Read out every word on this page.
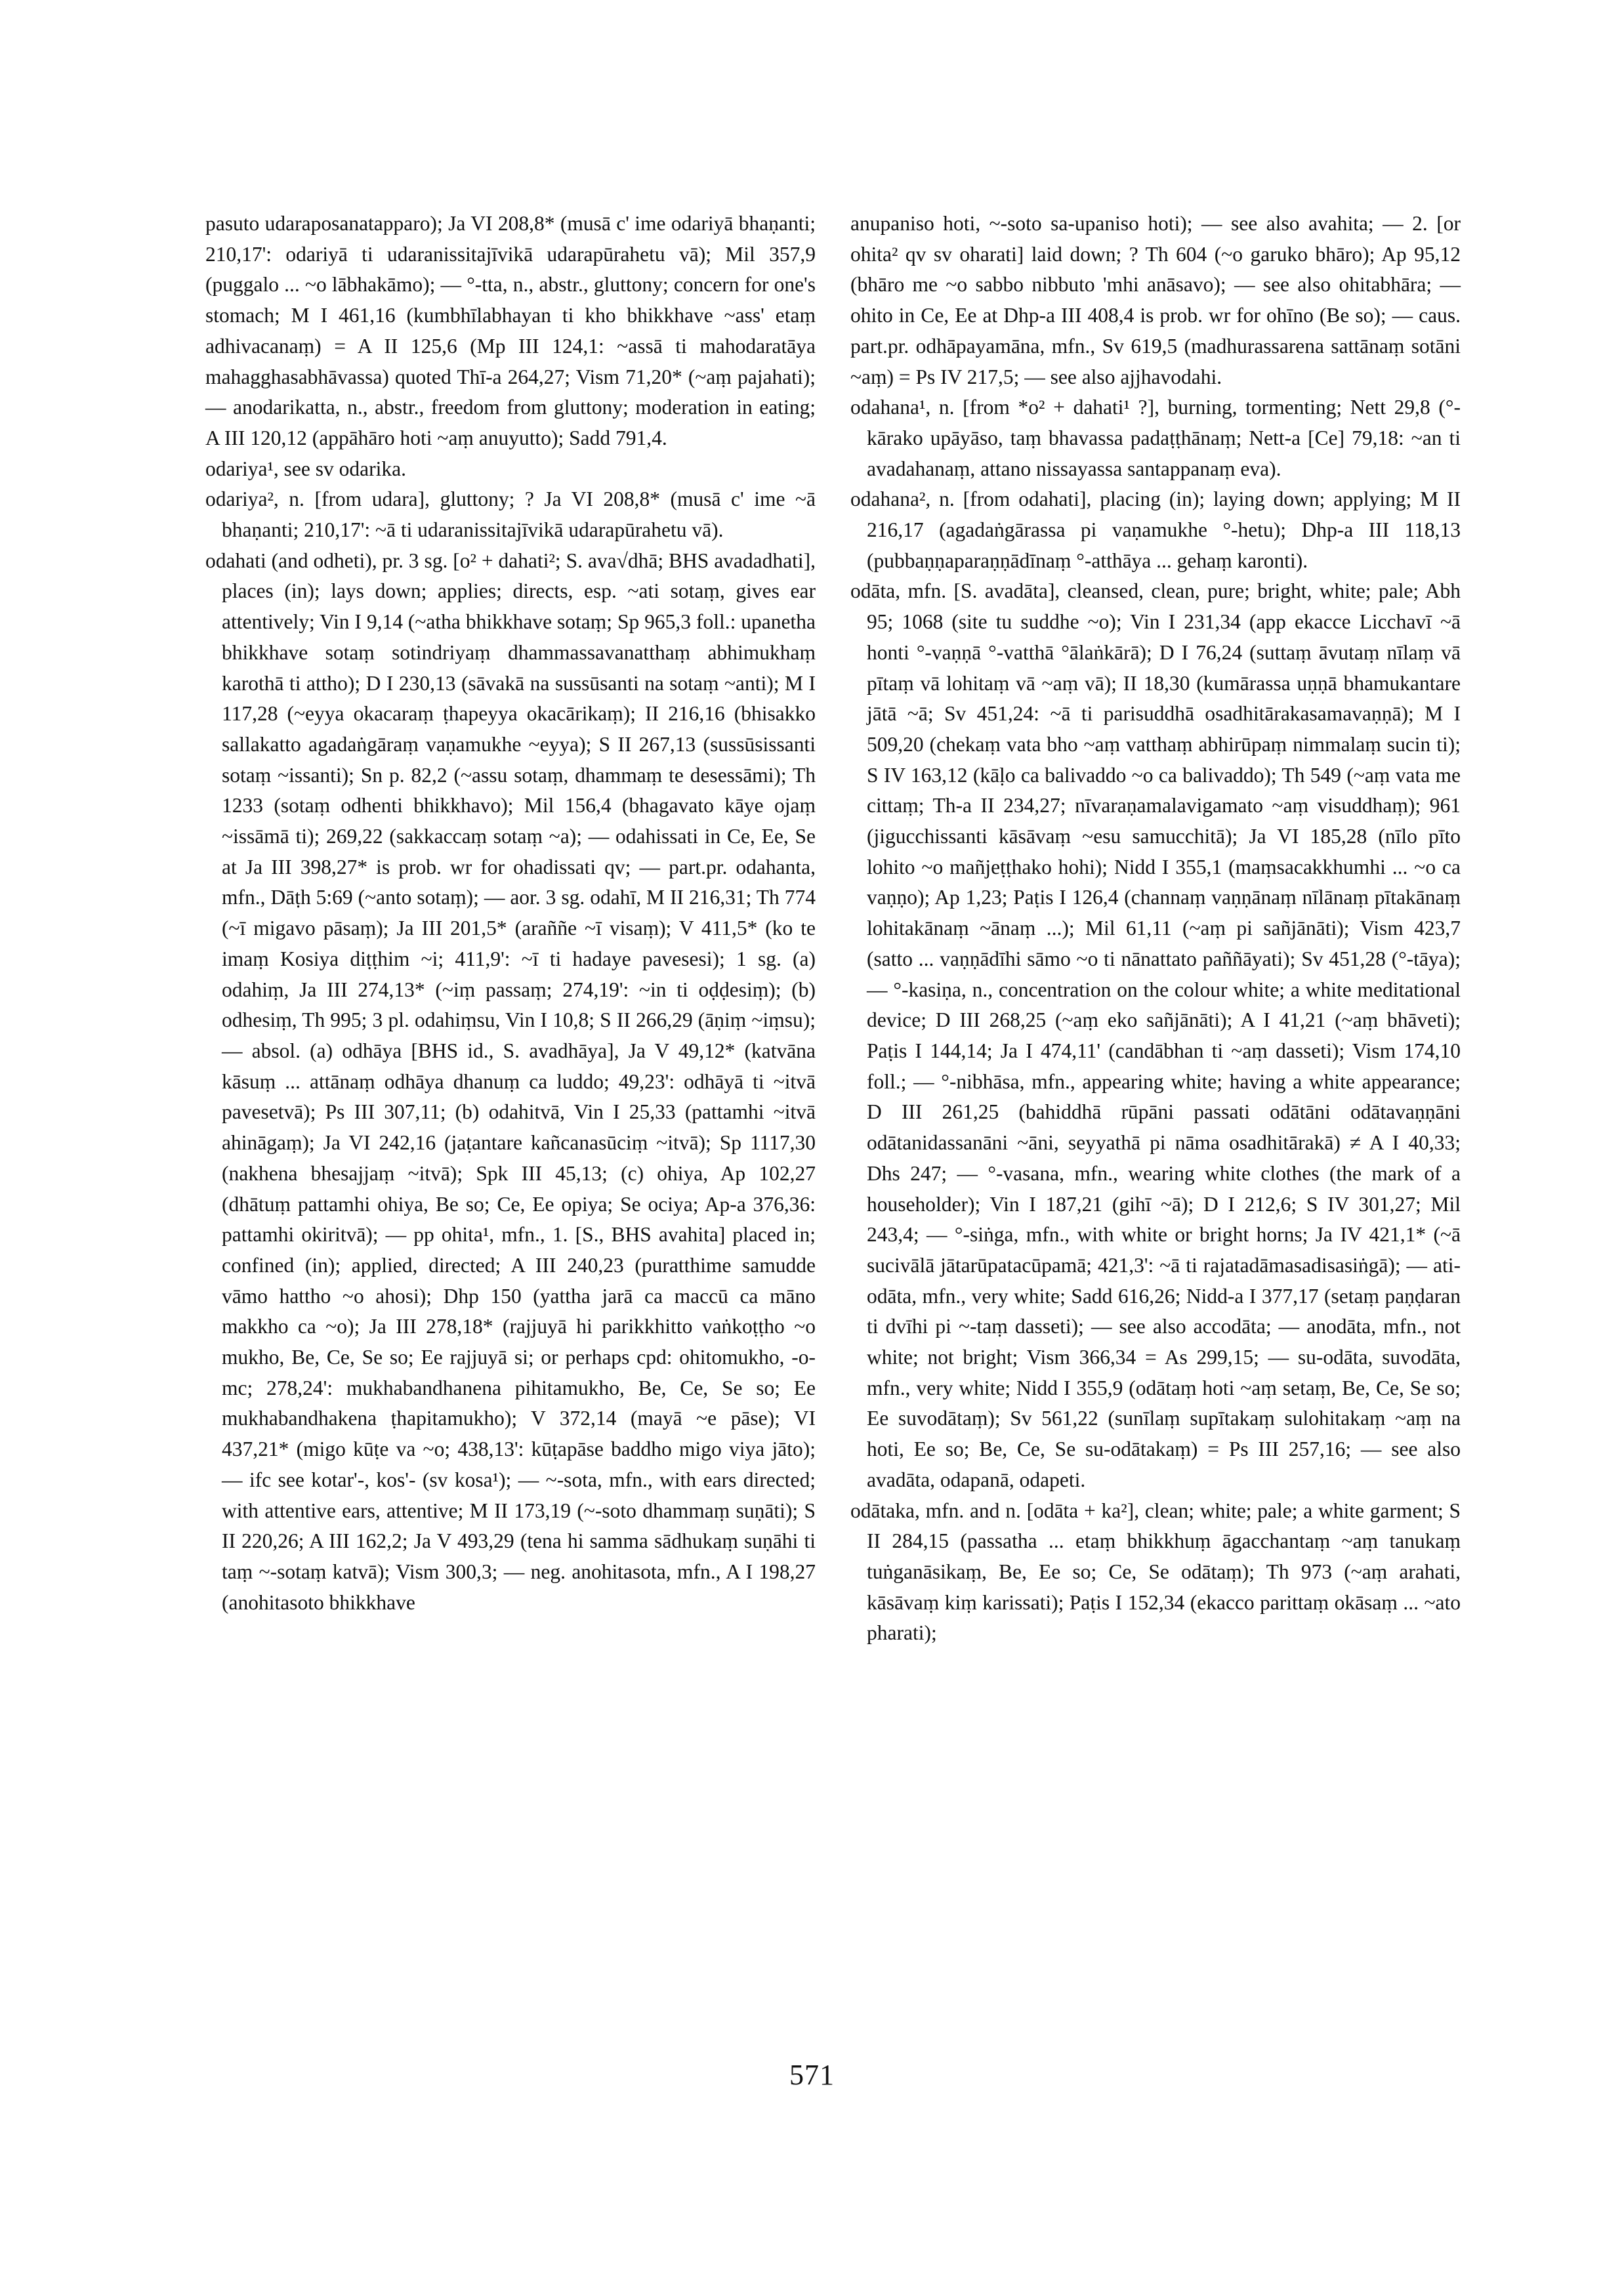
pasuto udaraposanatapparo); Ja VI 208,8* (musā c' ime odariyā bhaṇanti; 210,17': odariyā ti udaranissitajīvikā udarapūrahetu vā); Mil 357,9 (puggalo ... ~o lābhakāmo); — °-tta, n., abstr., gluttony; concern for one's stomach; M I 461,16 (kumbhīlabhayan ti kho bhikkhave ~ass' etaṃ adhivacanaṃ) = A II 125,6 (Mp III 124,1: ~assā ti mahodaratāya mahagghasabhāvassa) quoted Thī-a 264,27; Vism 71,20* (~aṃ pajahati); — anodarikatta, n., abstr., freedom from gluttony; moderation in eating; A III 120,12 (appāhāro hoti ~aṃ anuyutto); Sadd 791,4.

odariya¹, see sv odarika.

odariya², n. [from udara], gluttony; ? Ja VI 208,8* (musā c' ime ~ā bhaṇanti; 210,17': ~ā ti udaranissitajīvikā udarapūrahetu vā).

odahati (and odheti), pr. 3 sg. [o² + dahati²; S. ava√dhā; BHS avadadhati], places (in); lays down; applies; directs, esp. ~ati sotaṃ, gives ear attentively; Vin I 9,14 (~atha bhikkhave sotaṃ; Sp 965,3 foll.: upanetha bhikkhave sotaṃ sotindriyaṃ dhammassavanatthaṃ abhimukhaṃ karothā ti attho); D I 230,13 (sāvakā na sussūsanti na sotaṃ ~anti); M I 117,28 (~eyya okacaraṃ ṭhapeyya okacārikaṃ); II 216,16 (bhisakko sallakatto agadaṅgāraṃ vaṇamukhe ~eyya); S II 267,13 (sussūsissanti sotaṃ ~issanti); Sn p. 82,2 (~assu sotaṃ, dhammaṃ te desessāmi); Th 1233 (sotaṃ odhenti bhikkhavo); Mil 156,4 (bhagavato kāye ojaṃ ~issāmā ti); 269,22 (sakkaccaṃ sotaṃ ~a); — odahissati in Ce, Ee, Se at Ja III 398,27* is prob. wr for ohadissati qv; — part.pr. odahanta, mfn., Dāṭh 5:69 (~anto sotaṃ); — aor. 3 sg. odahī, M II 216,31; Th 774 (~ī migavo pāsaṃ); Ja III 201,5* (araññe ~ī visaṃ); V 411,5* (ko te imaṃ Kosiya diṭṭhim ~i; 411,9': ~ī ti hadaye pavesesi); 1 sg. (a) odahiṃ, Ja III 274,13* (~iṃ passaṃ; 274,19': ~in ti oḍḍesiṃ); (b) odhesiṃ, Th 995; 3 pl. odahiṃsu, Vin I 10,8; S II 266,29 (āṇiṃ ~iṃsu); — absol. (a) odhāya [BHS id., S. avadhāya], Ja V 49,12* (katvāna kāsuṃ ... attānaṃ odhāya dhanuṃ ca luddo; 49,23': odhāyā ti ~itvā pavesetvā); Ps III 307,11; (b) odahitvā, Vin I 25,33 (pattamhi ~itvā ahināgaṃ); Ja VI 242,16 (jaṭantare kañcanasūciṃ ~itvā); Sp 1117,30 (nakhena bhesajjaṃ ~itvā); Spk III 45,13; (c) ohiya, Ap 102,27 (dhātuṃ pattamhi ohiya, Be so; Ce, Ee opiya; Se ociya; Ap-a 376,36: pattamhi okiritvā); — pp ohita¹, mfn., 1. [S., BHS avahita] placed in; confined (in); applied, directed; A III 240,23 (puratthime samudde vāmo hattho ~o ahosi); Dhp 150 (yattha jarā ca maccū ca māno makkho ca ~o); Ja III 278,18* (rajjuyā hi parikkhitto vaṅkoṭṭho ~o mukho, Be, Ce, Se so; Ee rajjuyā si; or perhaps cpd: ohitomukho, -o-mc; 278,24': mukhabandhanena pihitamukho, Be, Ce, Se so; Ee mukhabandhakena ṭhapitamukho); V 372,14 (mayā ~e pāse); VI 437,21* (migo kūṭe va ~o; 438,13': kūṭapāse baddho migo viya jāto); — ifc see kotar'-, kos'- (sv kosa¹); — ~-sota, mfn., with ears directed; with attentive ears, attentive; M II 173,19 (~-soto dhammaṃ suṇāti); S II 220,26; A III 162,2; Ja V 493,29 (tena hi samma sādhukaṃ suṇāhi ti taṃ ~-sotaṃ katvā); Vism 300,3; — neg. anohitasota, mfn., A I 198,27 (anohitasoto bhikkhave

anupaniso hoti, ~-soto sa-upaniso hoti); — see also avahita; — 2. [or ohita² qv sv oharati] laid down; ? Th 604 (~o garuko bhāro); Ap 95,12 (bhāro me ~o sabbo nibbuto 'mhi anāsavo); — see also ohitabhāra; — ohito in Ce, Ee at Dhp-a III 408,4 is prob. wr for ohīno (Be so); — caus. part.pr. odhāpayamāna, mfn., Sv 619,5 (madhurassarena sattānaṃ sotāni ~aṃ) = Ps IV 217,5; — see also ajjhavodahi.

odahana¹, n. [from *o² + dahati¹ ?], burning, tormenting; Nett 29,8 (°-kārako upāyāso, taṃ bhavassa padaṭṭhānaṃ; Nett-a [Ce] 79,18: ~an ti avadahanaṃ, attano nissayassa santappanaṃ eva).

odahana², n. [from odahati], placing (in); laying down; applying; M II 216,17 (agadaṅgārassa pi vaṇamukhe °-hetu); Dhp-a III 118,13 (pubbaṇṇaparaṇṇādīnaṃ °-atthāya ... gehaṃ karonti).

odāta, mfn. [S. avadāta], cleansed, clean, pure; bright, white; pale; Abh 95; 1068 (site tu suddhe ~o); Vin I 231,34 (app ekacce Licchavī ~ā honti °-vaṇṇā °-vatthā °ālaṅkārā); D I 76,24 (suttaṃ āvutaṃ nīlaṃ vā pītaṃ vā lohitaṃ vā ~aṃ vā); II 18,30 (kumārassa uṇṇā bhamukantare jātā ~ā; Sv 451,24: ~ā ti parisuddhā osadhitārakasamavaṇṇā); M I 509,20 (chekaṃ vata bho ~aṃ vatthaṃ abhirūpaṃ nimmalaṃ sucin ti); S IV 163,12 (kāḷo ca balivaddo ~o ca balivaddo); Th 549 (~aṃ vata me cittaṃ; Th-a II 234,27; nīvaraṇamalavigamato ~aṃ visuddhaṃ); 961 (jigucchissanti kāsāvaṃ ~esu samucchitā); Ja VI 185,28 (nīlo pīto lohito ~o mañjeṭṭhako hohi); Nidd I 355,1 (maṃsacakkhumhi ... ~o ca vaṇṇo); Ap 1,23; Paṭis I 126,4 (channaṃ vaṇṇānaṃ nīlānaṃ pītakānaṃ lohitakānaṃ ~ānaṃ ...); Mil 61,11 (~aṃ pi sañjānāti); Vism 423,7 (satto ... vaṇṇādīhi sāmo ~o ti nānattato paññāyati); Sv 451,28 (°-tāya); — °-kasiṇa, n., concentration on the colour white; a white meditational device; D III 268,25 (~aṃ eko sañjānāti); A I 41,21 (~aṃ bhāveti); Paṭis I 144,14; Ja I 474,11' (candābhan ti ~aṃ dasseti); Vism 174,10 foll.; — °-nibhāsa, mfn., appearing white; having a white appearance; D III 261,25 (bahiddhā rūpāni passati odātāni odātavaṇṇāni odātanidassanāni ~āni, seyyathā pi nāma osadhitārakā) ≠ A I 40,33; Dhs 247; — °-vasana, mfn., wearing white clothes (the mark of a householder); Vin I 187,21 (gihī ~ā); D I 212,6; S IV 301,27; Mil 243,4; — °-siṅga, mfn., with white or bright horns; Ja IV 421,1* (~ā sucivālā jātarūpatacūpamā; 421,3': ~ā ti rajatadāmasadisasiṅgā); — ati-odāta, mfn., very white; Sadd 616,26; Nidd-a I 377,17 (setaṃ paṇḍaran ti dvīhi pi ~-taṃ dasseti); — see also accodāta; — anodāta, mfn., not white; not bright; Vism 366,34 = As 299,15; — su-odāta, suvodāta, mfn., very white; Nidd I 355,9 (odātaṃ hoti ~aṃ setaṃ, Be, Ce, Se so; Ee suvodātaṃ); Sv 561,22 (sunīlaṃ supītakaṃ sulohitakaṃ ~aṃ na hoti, Ee so; Be, Ce, Se su-odātakaṃ) = Ps III 257,16; — see also avadāta, odapanā, odapeti.

odātaka, mfn. and n. [odāta + ka²], clean; white; pale; a white garment; S II 284,15 (passatha ... etaṃ bhikkhuṃ āgacchantaṃ ~aṃ tanukaṃ tuṅganāsikaṃ, Be, Ee so; Ce, Se odātaṃ); Th 973 (~aṃ arahati, kāsāvaṃ kiṃ karissati); Paṭis I 152,34 (ekacco parittaṃ okāsaṃ ... ~ato pharati);

571
